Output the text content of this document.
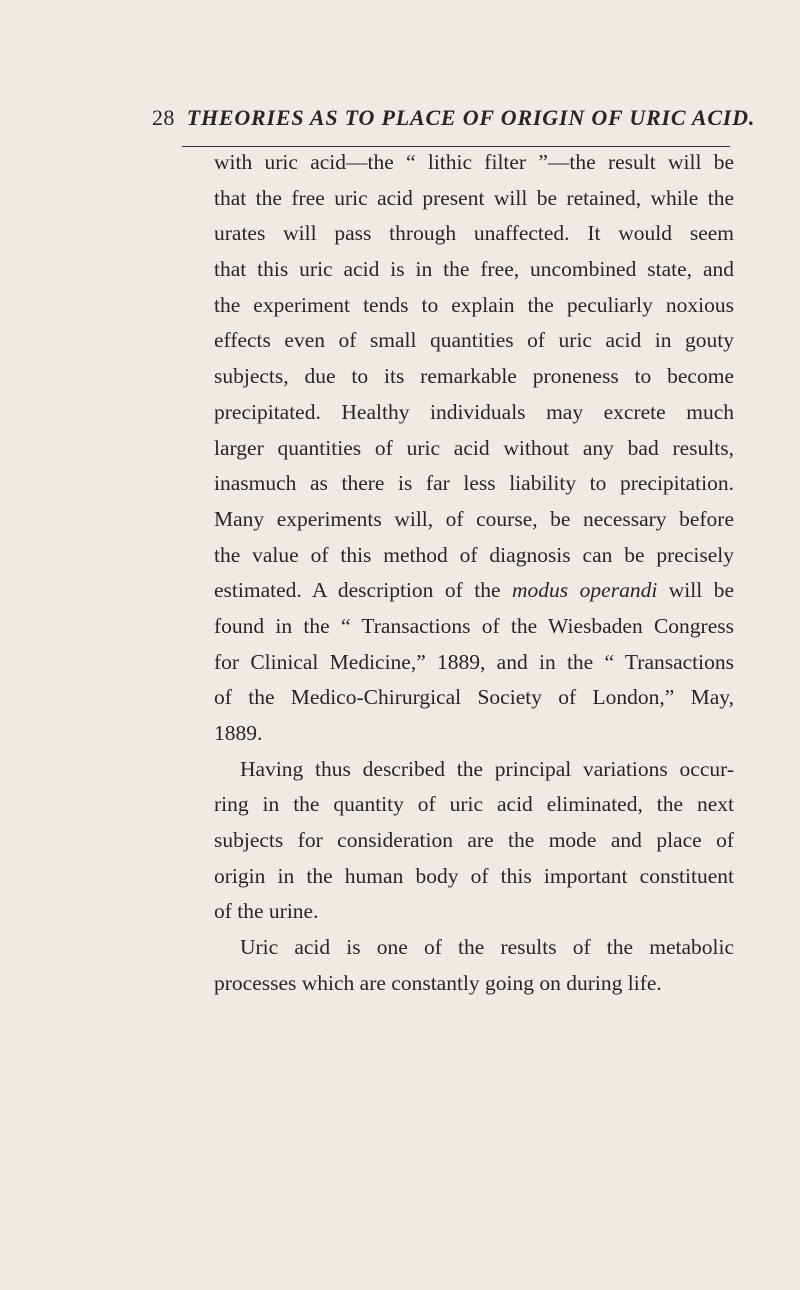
28 THEORIES AS TO PLACE OF ORIGIN OF URIC ACID.
with uric acid—the “ lithic filter ”—the result will be
that the free uric acid present will be retained, while the
urates will pass through unaffected. It would seem
that this uric acid is in the free, uncombined state, and
the experiment tends to explain the peculiarly noxious
effects even of small quantities of uric acid in gouty
subjects, due to its remarkable proneness to become
precipitated. Healthy individuals may excrete much
larger quantities of uric acid without any bad results,
inasmuch as there is far less liability to precipitation.
Many experiments will, of course, be necessary before
the value of this method of diagnosis can be precisely
estimated. A description of the modus operandi will be
found in the “ Transactions of the Wiesbaden Congress
for Clinical Medicine,” 1889, and in the “ Transactions
of the Medico-Chirurgical Society of London,” May,
1889.
Having thus described the principal variations occur-
ring in the quantity of uric acid eliminated, the next
subjects for consideration are the mode and place of
origin in the human body of this important constituent
of the urine.
Uric acid is one of the results of the metabolic
processes which are constantly going on during life.
